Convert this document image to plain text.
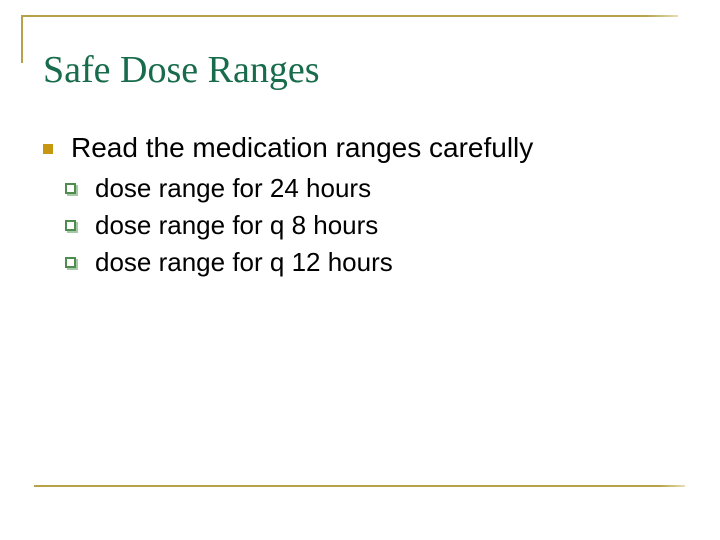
Safe Dose Ranges
Read the medication ranges carefully
dose range for 24 hours
dose range for q 8 hours
dose range for q 12 hours
